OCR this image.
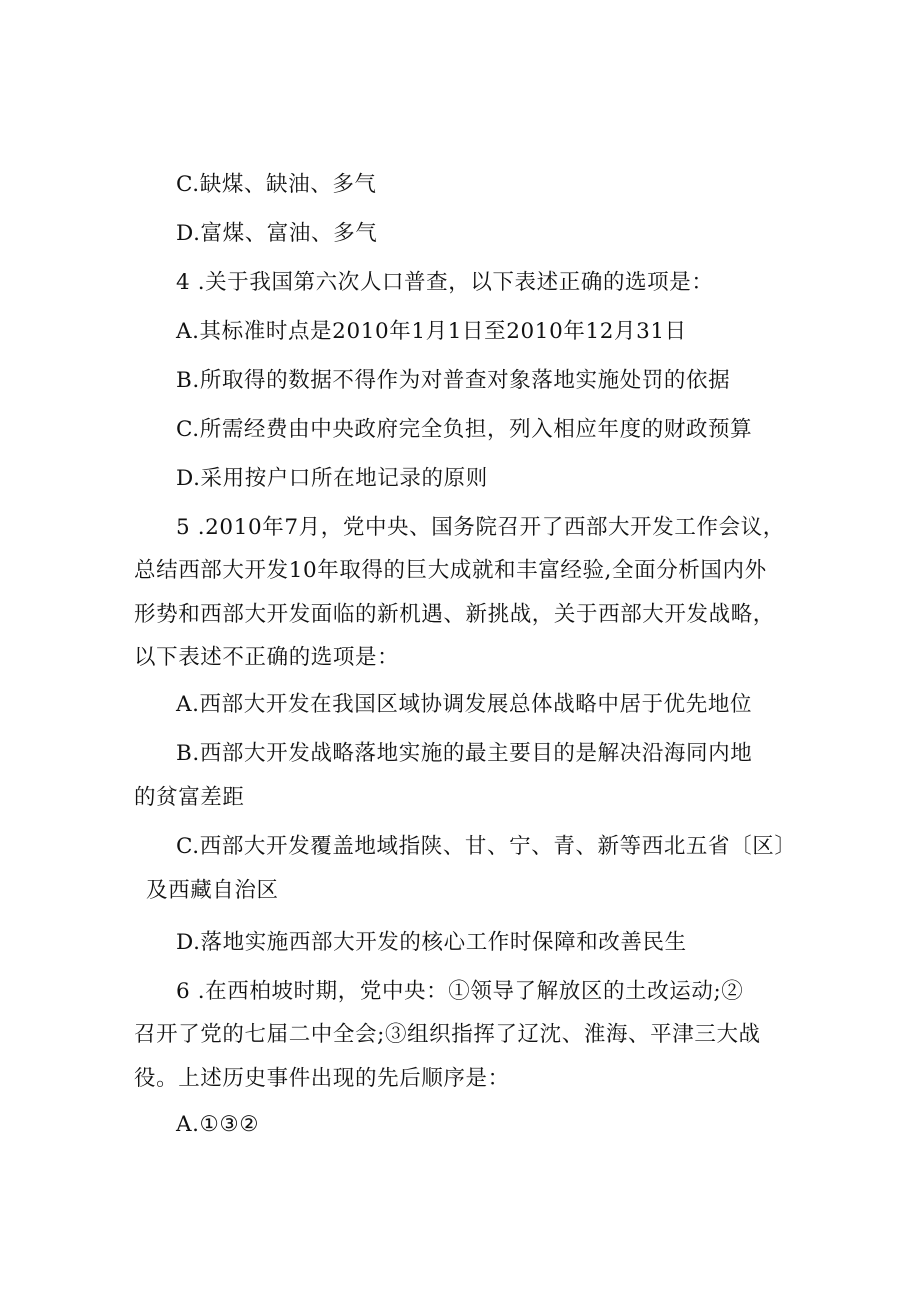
C.缺煤、缺油、多气
D.富煤、富油、多气
4 .关于我国第六次人口普查，以下表述正确的选项是：
A.其标准时点是2010年1月1日至2010年12月31日
B.所取得的数据不得作为对普查对象落地实施处罚的依据
C.所需经费由中央政府完全负担，列入相应年度的财政预算
D.采用按户口所在地记录的原则
5 .2010年7月，党中央、国务院召开了西部大开发工作会议，
总结西部大开发10年取得的巨大成就和丰富经验,全面分析国内外
形势和西部大开发面临的新机遇、新挑战，关于西部大开发战略，
以下表述不正确的选项是：
A.西部大开发在我国区域协调发展总体战略中居于优先地位
B.西部大开发战略落地实施的最主要目的是解决沿海同内地
的贫富差距
C.西部大开发覆盖地域指陕、甘、宁、青、新等西北五省〔区〕
及西藏自治区
D.落地实施西部大开发的核心工作时保障和改善民生
6 .在西柏坡时期，党中央：①领导了解放区的土改运动;②
召开了党的七届二中全会;③组织指挥了辽沈、淮海、平津三大战
役。上述历史事件出现的先后顺序是：
A.①③②
